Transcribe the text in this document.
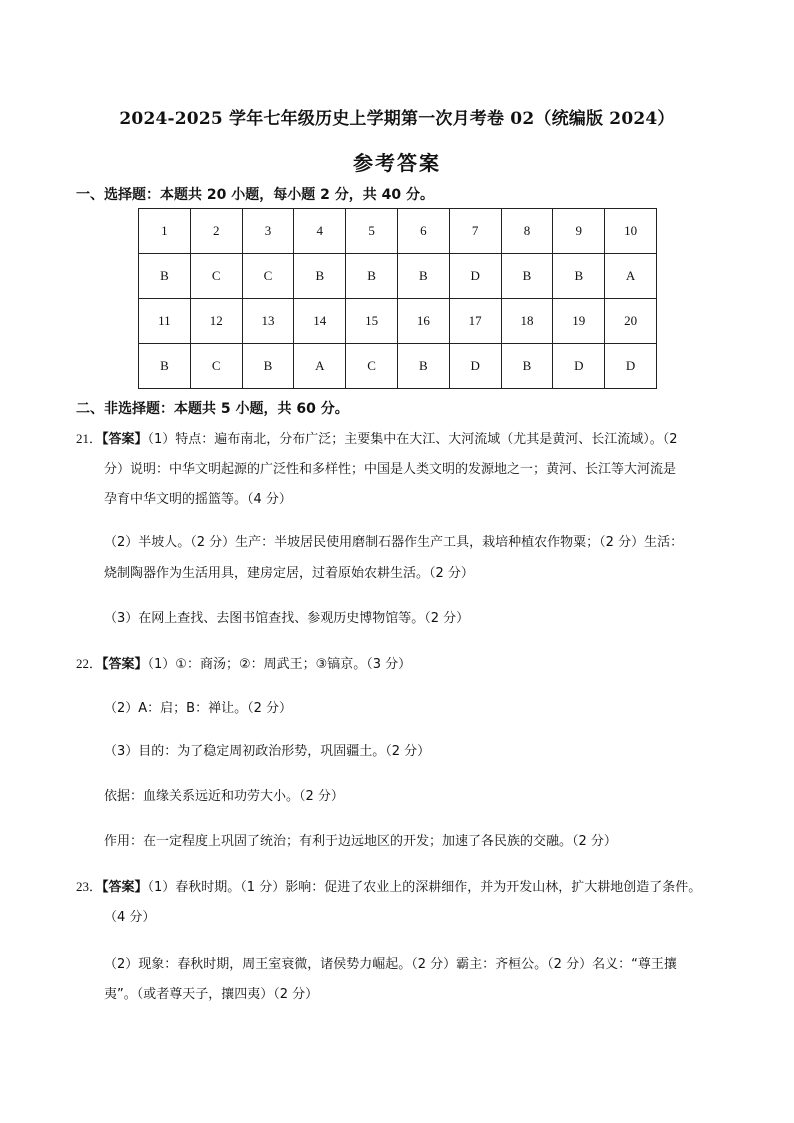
2024-2025 学年七年级历史上学期第一次月考卷 02（统编版 2024）
参考答案
一、选择题：本题共 20 小题，每小题 2 分，共 40 分。
1	2	3	4	5	6	7	8	9	10
B	C	C	B	B	B	D	B	B	A
11	12	13	14	15	16	17	18	19	20
B	C	B	A	C	B	D	B	D	D
二、非选择题：本题共 5 小题，共 60 分。
21．【答案】（1）特点：遍布南北，分布广泛；主要集中在大江、大河流域（尤其是黄河、长江流域）。（2
分）说明：中华文明起源的广泛性和多样性；中国是人类文明的发源地之一；黄河、长江等大河流是
孕育中华文明的摇篮等。（4 分）
（2）半坡人。（2 分）生产：半坡居民使用磨制石器作生产工具，栽培种植农作物粟；（2 分）生活：
烧制陶器作为生活用具，建房定居，过着原始农耕生活。（2 分）
（3）在网上查找、去图书馆查找、参观历史博物馆等。（2 分）
22．【答案】（1）①：商汤；②：周武王；③镐京。（3 分）
（2）A：启；B：禅让。（2 分）
（3）目的：为了稳定周初政治形势，巩固疆土。（2 分）
依据：血缘关系远近和功劳大小。（2 分）
作用：在一定程度上巩固了统治；有利于边远地区的开发；加速了各民族的交融。（2 分）
23．【答案】（1）春秋时期。（1 分）影响：促进了农业上的深耕细作，并为开发山林，扩大耕地创造了条件。
（4 分）
（2）现象：春秋时期，周王室衰微，诸侯势力崛起。（2 分）霸主：齐桓公。（2 分）名义：“尊王攘
夷”。（或者尊天子，攘四夷）（2 分）
